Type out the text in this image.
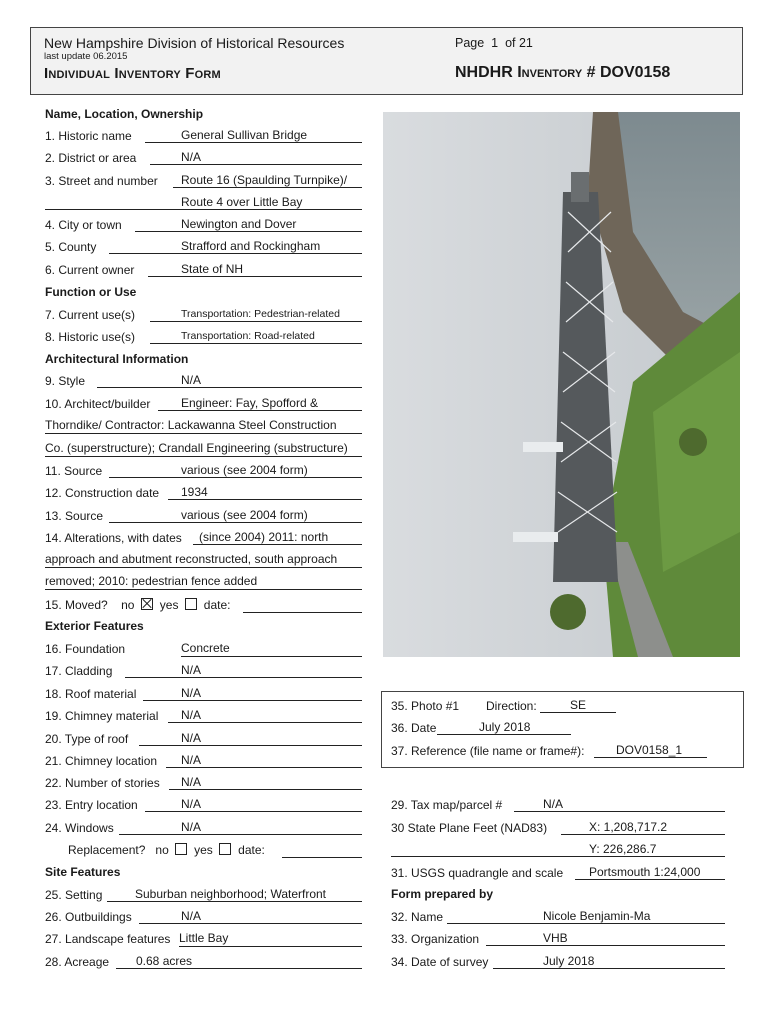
New Hampshire Division of Historical Resources
last update 06.2015
Individual Inventory Form
Page 1 of 21
NHDHR Inventory # DOV0158
Name, Location, Ownership
1. Historic name	General Sullivan Bridge
2. District or area	N/A
3. Street and number	Route 16 (Spaulding Turnpike)/
Route 4 over Little Bay
4. City or town	Newington and Dover
5. County	Strafford and Rockingham
6. Current owner	State of NH
Function or Use
7. Current use(s)	Transportation: Pedestrian-related
8. Historic use(s)	Transportation: Road-related
Architectural Information
9. Style	N/A
10. Architect/builder	Engineer: Fay, Spofford &
Thorndike/ Contractor: Lackawanna Steel Construction
Co. (superstructure); Crandall Engineering (substructure)
11. Source	various (see 2004 form)
12. Construction date	1934
13. Source	various (see 2004 form)
14. Alterations, with dates	(since 2004) 2011: north
approach and abutment reconstructed, south approach
removed; 2010: pedestrian fence added
15. Moved? no yes date:
Exterior Features
16. Foundation	Concrete
17. Cladding	N/A
18. Roof material	N/A
19. Chimney material	N/A
20. Type of roof	N/A
21. Chimney location	N/A
22. Number of stories	N/A
23. Entry location	N/A
24. Windows	N/A
Replacement? no yes date:
Site Features
25. Setting	Suburban neighborhood; Waterfront
26. Outbuildings	N/A
27. Landscape features Little Bay
28. Acreage	0.68 acres
35. Photo #1 Direction:	SE
36. Date	July 2018
37. Reference (file name or frame#):	DOV0158_1
29. Tax map/parcel #	N/A
30 State Plane Feet (NAD83)	X: 1,208,717.2
Y: 226,286.7
31. USGS quadrangle and scale	Portsmouth 1:24,000
Form prepared by
32. Name	Nicole Benjamin-Ma
33. Organization	VHB
34. Date of survey	July 2018
